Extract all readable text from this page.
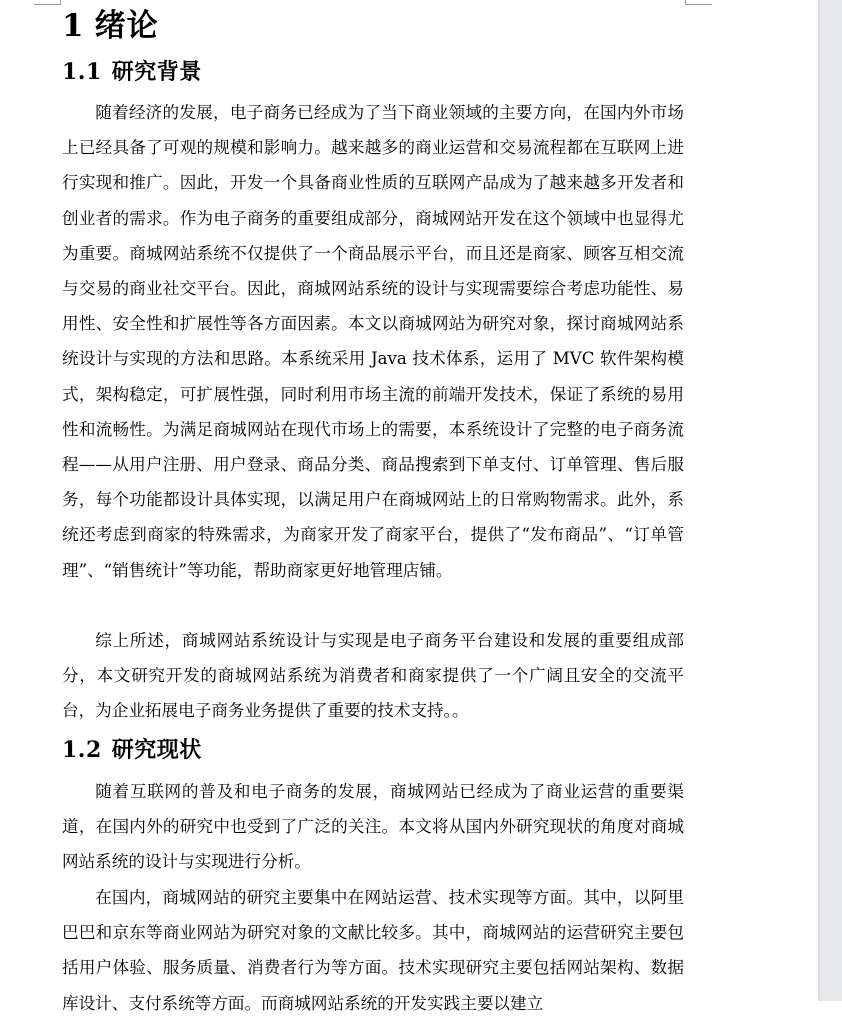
1 绪论
1.1 研究背景

随着经济的发展，电子商务已经成为了当下商业领域的主要方向，在国内外市场上已经具备了可观的规模和影响力。越来越多的商业运营和交易流程都在互联网上进行实现和推广。因此，开发一个具备商业性质的互联网产品成为了越来越多开发者和创业者的需求。作为电子商务的重要组成部分，商城网站开发在这个领域中也显得尤为重要。商城网站系统不仅提供了一个商品展示平台，而且还是商家、顾客互相交流与交易的商业社交平台。因此，商城网站系统的设计与实现需要综合考虑功能性、易用性、安全性和扩展性等各方面因素。本文以商城网站为研究对象，探讨商城网站系统设计与实现的方法和思路。本系统采用 Java 技术体系，运用了 MVC 软件架构模式，架构稳定，可扩展性强，同时利用市场主流的前端开发技术，保证了系统的易用性和流畅性。为满足商城网站在现代市场上的需要，本系统设计了完整的电子商务流程——从用户注册、用户登录、商品分类、商品搜索到下单支付、订单管理、售后服务，每个功能都设计具体实现，以满足用户在商城网站上的日常购物需求。此外，系统还考虑到商家的特殊需求，为商家开发了商家平台，提供了“发布商品”、“订单管理”、“销售统计”等功能，帮助商家更好地管理店铺。

综上所述，商城网站系统设计与实现是电子商务平台建设和发展的重要组成部分，本文研究开发的商城网站系统为消费者和商家提供了一个广阔且安全的交流平台，为企业拓展电子商务业务提供了重要的技术支持。。

1.2 研究现状

随着互联网的普及和电子商务的发展，商城网站已经成为了商业运营的重要渠道，在国内外的研究中也受到了广泛的关注。本文将从国内外研究现状的角度对商城网站系统的设计与实现进行分析。

在国内，商城网站的研究主要集中在网站运营、技术实现等方面。其中，以阿里巴巴和京东等商业网站为研究对象的文献比较多。其中，商城网站的运营研究主要包括用户体验、服务质量、消费者行为等方面。技术实现研究主要包括网站架构、数据库设计、支付系统等方面。而商城网站系统的开发实践主要以建立
